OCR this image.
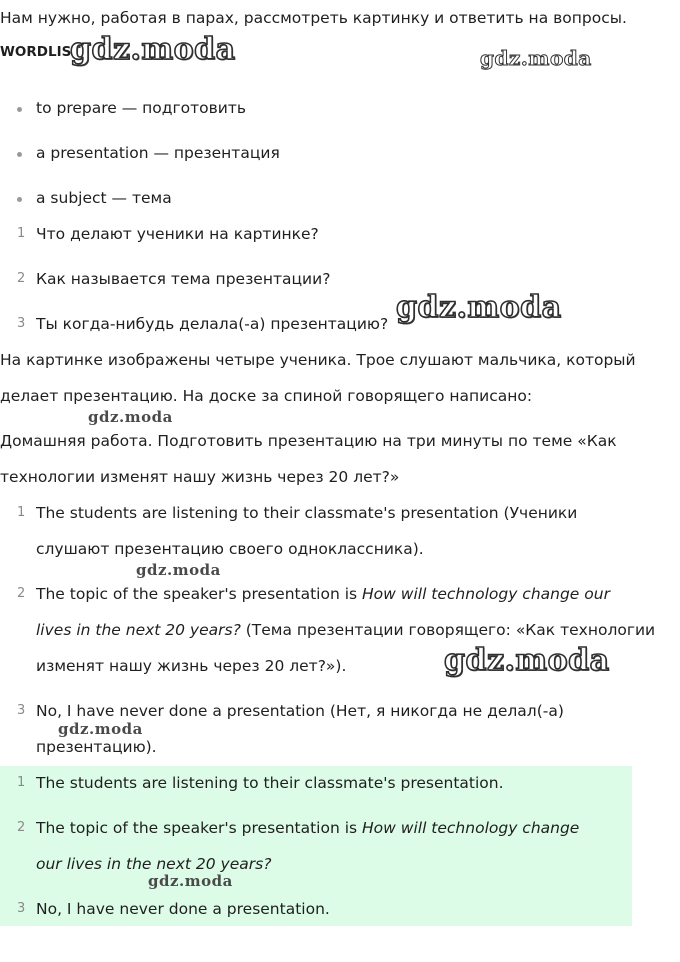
Нам нужно, работая в парах, рассмотреть картинку и ответить на вопросы.
WORDLIST
gdz.moda	gdz.moda
gdz.moda
gdz.moda
gdz.moda
gdz.moda
gdz.moda
to prepare — подготовить
a presentation — презентация
a subject — тема
1 Что делают ученики на картинке?
2 Как называется тема презентации?
3 Ты когда-нибудь делала(-а) презентацию?
На картинке изображены четыре ученика. Трое слушают мальчика, который
делает презентацию. На доске за спиной говорящего написано:
Домашняя работа. Подготовить презентацию на три минуты по теме «Как
технологии изменят нашу жизнь через 20 лет?»
1 The students are listening to their classmate's presentation (Ученики
слушают презентацию своего одноклассника).
2 The topic of the speaker's presentation is How will technology change our
lives in the next 20 years? (Тема презентации говорящего: «Как технологии
изменят нашу жизнь через 20 лет?»).
3 No, I have never done a presentation (Нет, я никогда не делал(-а)
презентацию).
1 The students are listening to their classmate's presentation.
2 The topic of the speaker's presentation is How will technology change
our lives in the next 20 years?
gdz.moda
3 No, I have never done a presentation.
